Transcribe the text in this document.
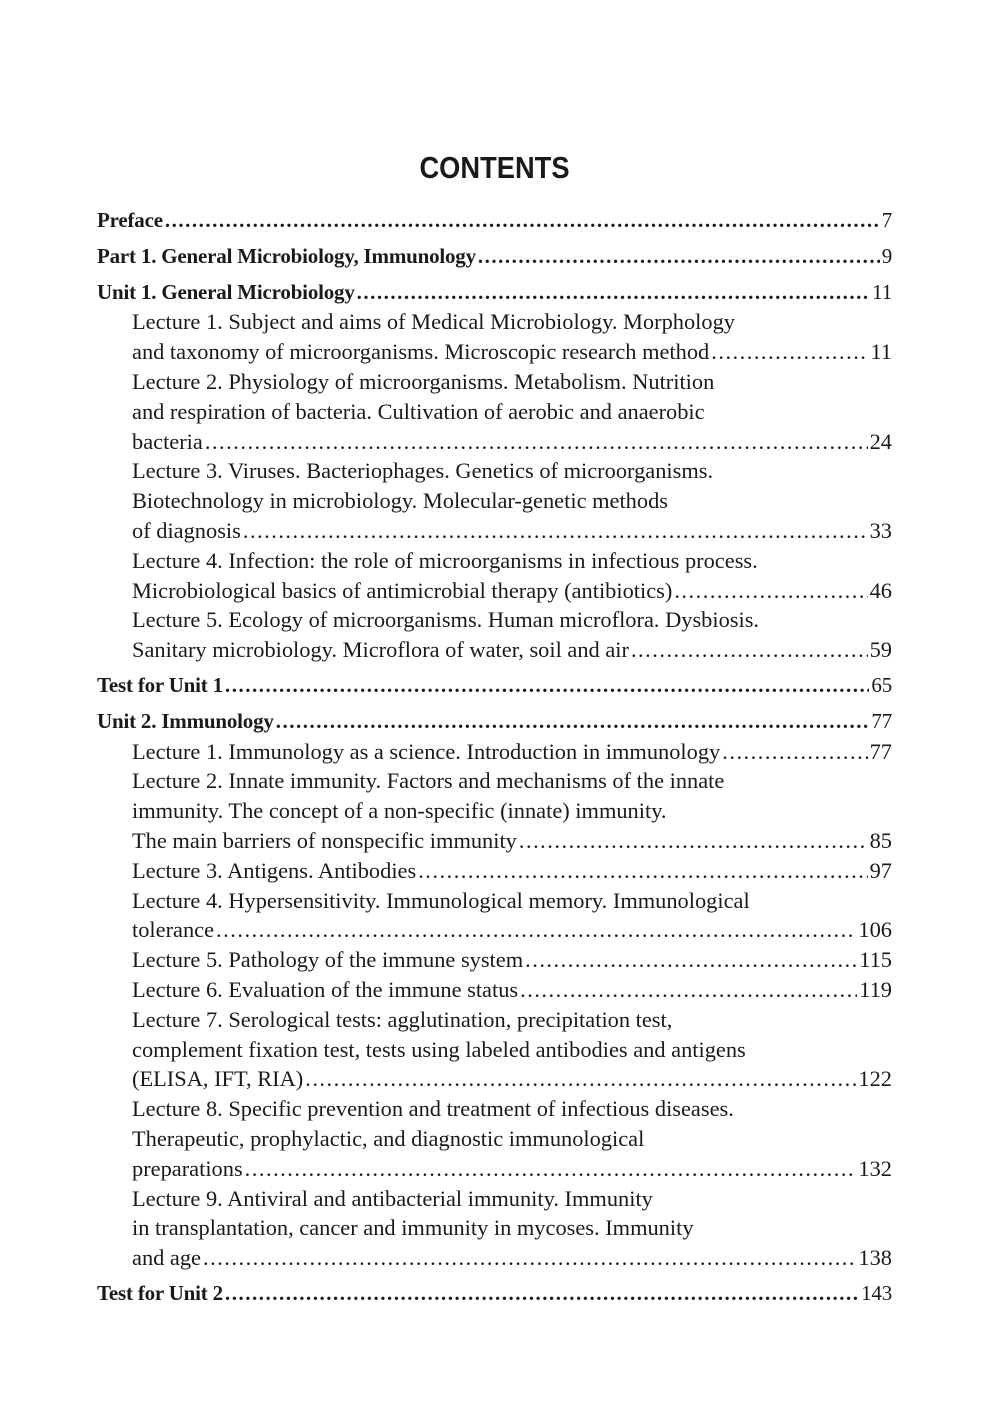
CONTENTS
Preface .....	7
Part 1. General Microbiology, Immunology .....	9
Unit 1. General Microbiology .....	11
Lecture 1. Subject and aims of Medical Microbiology. Morphology
and taxonomy of microorganisms. Microscopic research method .....	11
Lecture 2. Physiology of microorganisms. Metabolism. Nutrition
and respiration of bacteria. Cultivation of aerobic and anaerobic
bacteria .....	24
Lecture 3. Viruses. Bacteriophages. Genetics of microorganisms.
Biotechnology in microbiology. Molecular-genetic methods
of diagnosis .....	33
Lecture 4. Infection: the role of microorganisms in infectious process.
Microbiological basics of antimicrobial therapy (antibiotics) .....	46
Lecture 5. Ecology of microorganisms. Human microflora. Dysbiosis.
Sanitary microbiology. Microflora of water, soil and air .....	59
Test for Unit 1 .....	65
Unit 2. Immunology .....	77
Lecture 1. Immunology as a science. Introduction in immunology .....	77
Lecture 2. Innate immunity. Factors and mechanisms of the innate
immunity. The concept of a non-specific (innate) immunity.
The main barriers of nonspecific immunity .....	85
Lecture 3. Antigens. Antibodies .....	97
Lecture 4. Hypersensitivity. Immunological memory. Immunological
tolerance .....	106
Lecture 5. Pathology of the immune system .....	115
Lecture 6. Evaluation of the immune status .....	119
Lecture 7. Serological tests: agglutination, precipitation test,
complement fixation test, tests using labeled antibodies and antigens
(ELISA, IFT, RIA) .....	122
Lecture 8. Specific prevention and treatment of infectious diseases.
Therapeutic, prophylactic, and diagnostic immunological
preparations .....	132
Lecture 9. Antiviral and antibacterial immunity. Immunity
in transplantation, cancer and immunity in mycoses. Immunity
and age .....	138
Test for Unit 2 .....	143
